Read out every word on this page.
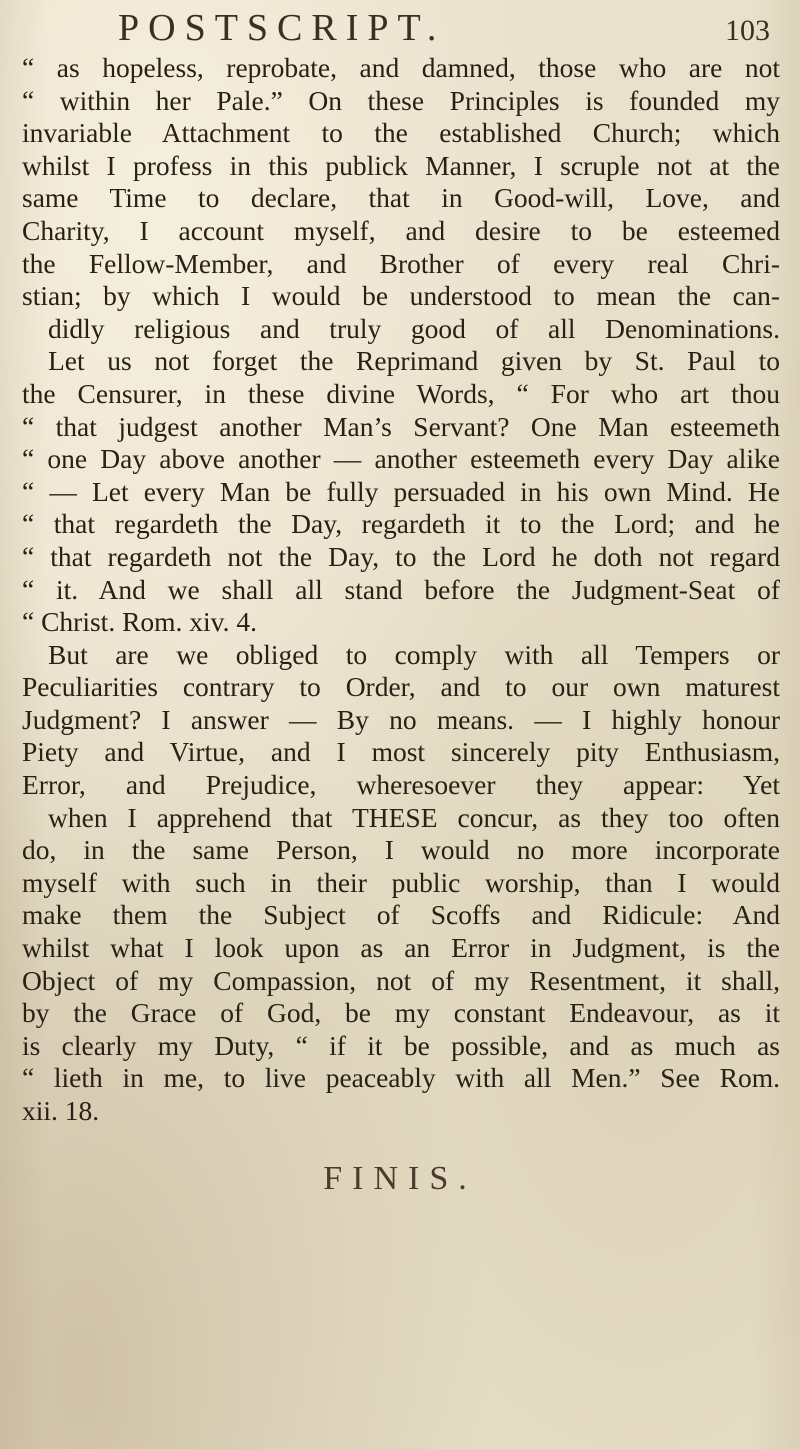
POSTSCRIPT.	103
“ as hopeless, reprobate, and damned, those who are not
“ within her Pale.” On these Principles is founded my
invariable Attachment to the established Church; which
whilst I profess in this publick Manner, I scruple not at the
same Time to declare, that in Good-will, Love, and
Charity, I account myself, and desire to be esteemed
the Fellow-Member, and Brother of every real Chri-
stian; by which I would be understood to mean the can-
didly religious and truly good of all Denominations.
Let us not forget the Reprimand given by St. Paul to
the Censurer, in these divine Words, “ For who art thou
“ that judgest another Man’s Servant? One Man esteemeth
“ one Day above another — another esteemeth every Day alike
“ — Let every Man be fully persuaded in his own Mind. He
“ that regardeth the Day, regardeth it to the Lord; and he
“ that regardeth not the Day, to the Lord he doth not regard
“ it. And we shall all stand before the Judgment-Seat of
“ Christ. Rom. xiv. 4.
But are we obliged to comply with all Tempers or
Peculiarities contrary to Order, and to our own maturest
Judgment? I answer — By no means. — I highly honour
Piety and Virtue, and I most sincerely pity Enthusiasm,
Error, and Prejudice, wheresoever they appear: Yet
when I apprehend that THESE concur, as they too often
do, in the same Person, I would no more incorporate
myself with such in their public worship, than I would
make them the Subject of Scoffs and Ridicule: And
whilst what I look upon as an Error in Judgment, is the
Object of my Compassion, not of my Resentment, it shall,
by the Grace of God, be my constant Endeavour, as it
is clearly my Duty, “ if it be possible, and as much as
“ lieth in me, to live peaceably with all Men.” See Rom.
xii. 18.
FINIS.
